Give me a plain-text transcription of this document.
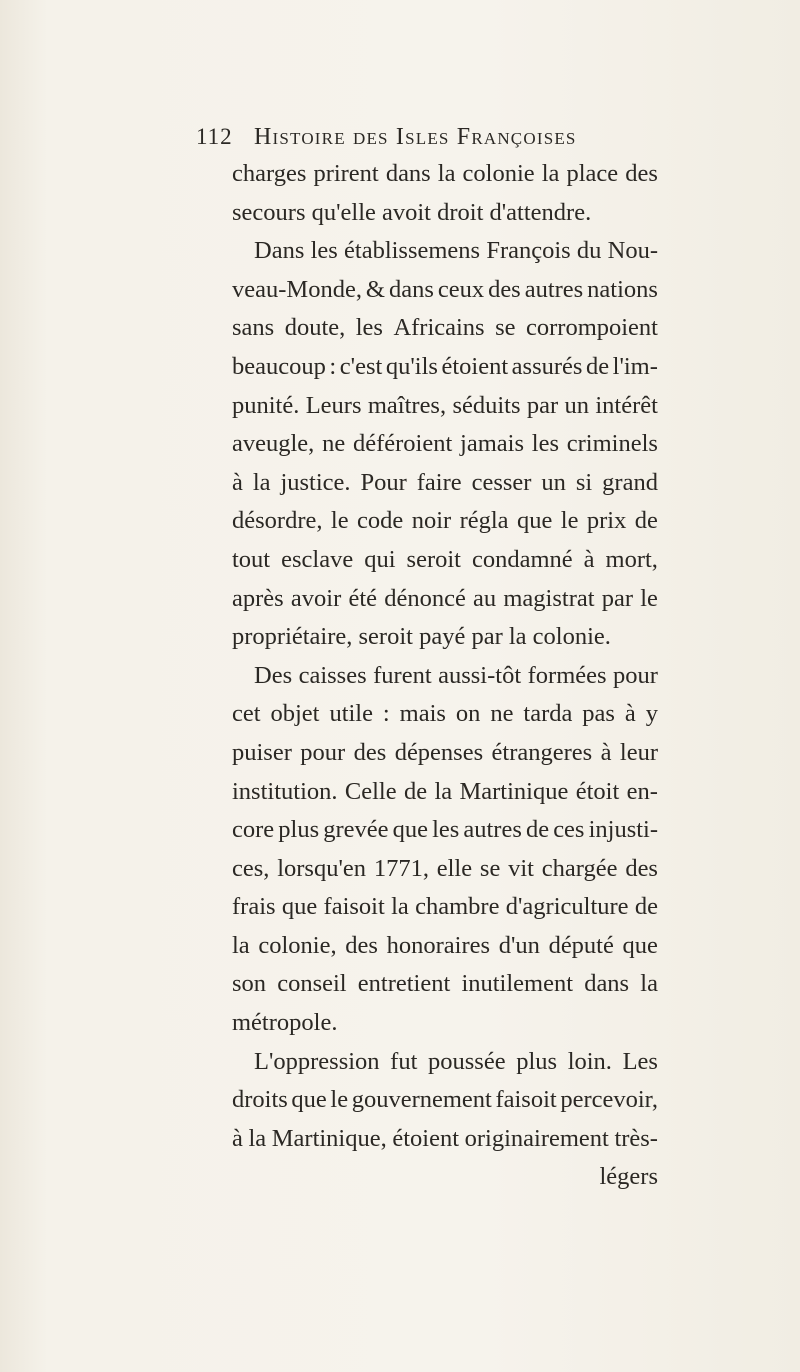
112 Histoire des Isles Françoises
charges prirent dans la colonie la place des
secours qu'elle avoit droit d'attendre.
Dans les établissemens François du Nou-
veau-Monde, & dans ceux des autres nations
sans doute, les Africains se corrompoient
beaucoup : c'est qu'ils étoient assurés de l'im-
punité. Leurs maîtres, séduits par un intérêt
aveugle, ne déféroient jamais les criminels
à la justice. Pour faire cesser un si grand
désordre, le code noir régla que le prix de
tout esclave qui seroit condamné à mort,
après avoir été dénoncé au magistrat par le
propriétaire, seroit payé par la colonie.
Des caisses furent aussi-tôt formées pour
cet objet utile : mais on ne tarda pas à y
puiser pour des dépenses étrangeres à leur
institution. Celle de la Martinique étoit en-
core plus grevée que les autres de ces injusti-
ces, lorsqu'en 1771, elle se vit chargée des
frais que faisoit la chambre d'agriculture de
la colonie, des honoraires d'un député que
son conseil entretient inutilement dans la
métropole.
L'oppression fut poussée plus loin. Les
droits que le gouvernement faisoit percevoir,
à la Martinique, étoient originairement très-
légers
